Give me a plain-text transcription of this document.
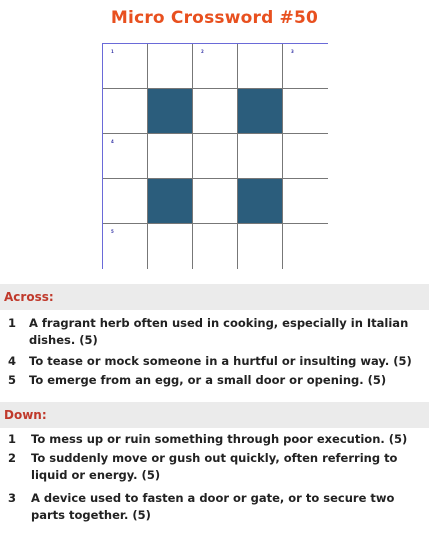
Micro Crossword #50
1	2	3
4
5
Across:
1 A fragrant herb often used in cooking, especially in Italian dishes. (5)
4 To tease or mock someone in a hurtful or insulting way. (5)
5 To emerge from an egg, or a small door or opening. (5)
Down:
1 To mess up or ruin something through poor execution. (5)
2 To suddenly move or gush out quickly, often referring to liquid or energy. (5)
3 A device used to fasten a door or gate, or to secure two parts together. (5)
